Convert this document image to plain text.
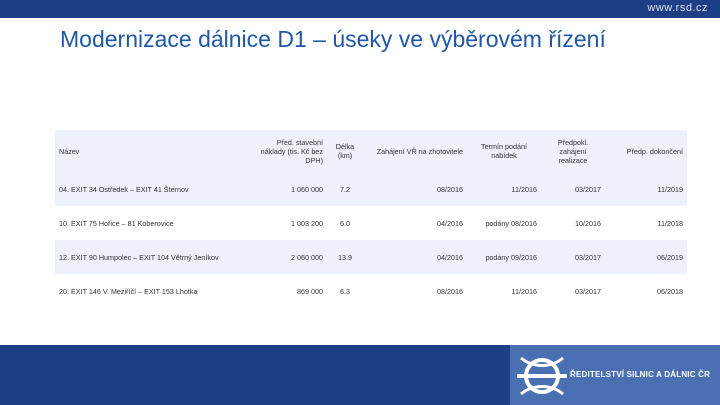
www.rsd.cz
Modernizace dálnice D1 – úseky ve výběrovém řízení
Název	Před. stavební náklady (tis. Kč bez DPH)	Délka (km)	Zahájení VŘ na zhotovitele	Termín podání nabídek	Předpokl. zahájení realizace	Předp. dokončení
04. EXIT 34 Ostředek – EXIT 41 Šternov	1 060 000	7.2	08/2016	11/2016	03/2017	11/2019
10. EXIT 75 Hořice – 81 Koberovice	1 003 200	6.0	04/2016	podány 08/2016	10/2016	11/2018
12. EXIT 90 Humpolec – EXIT 104 Větrný Jeníkov	2 060 000	13.9	04/2016	podány 09/2016	03/2017	06/2019
20. EXIT 146 V. Meziříčí – EXIT 153 Lhotka	869 000	6.3	08/2016	11/2016	03/2017	06/2018
ŘEDITELSTVÍ SILNIC A DÁLNIC ČR
